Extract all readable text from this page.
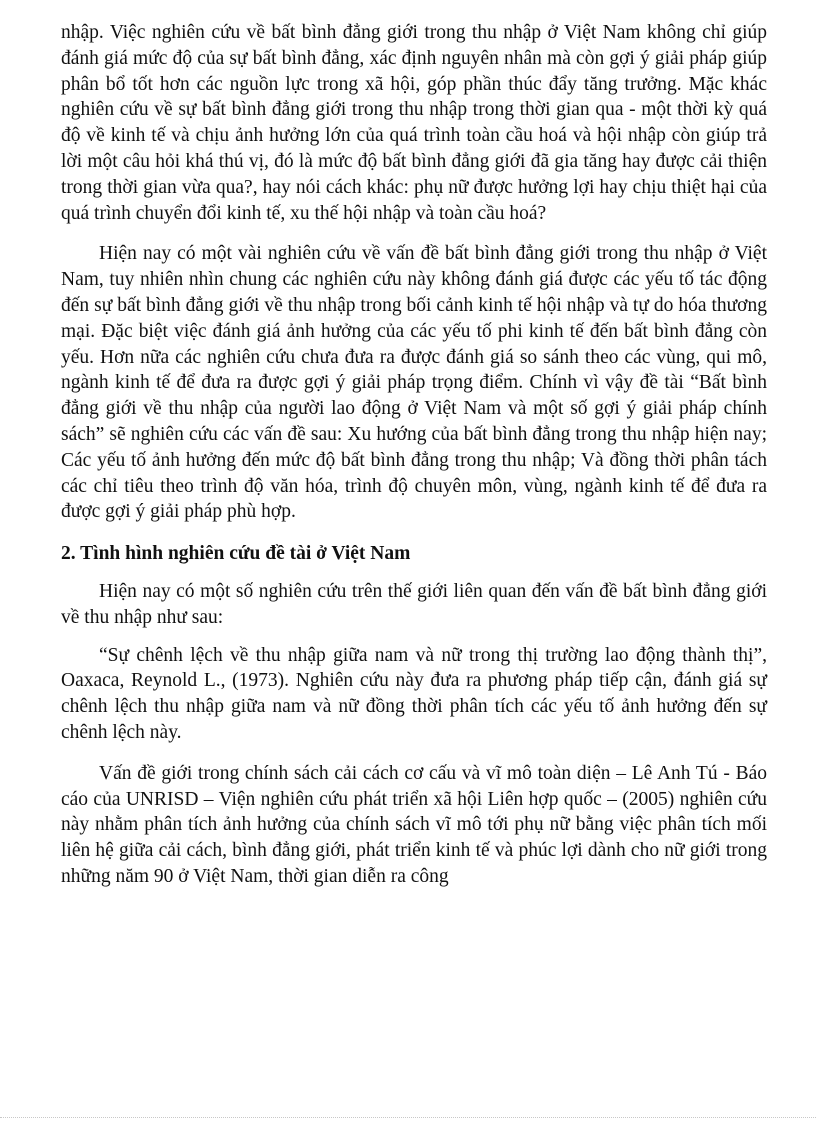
nhập. Việc nghiên cứu về bất bình đẳng giới trong thu nhập ở Việt Nam không chỉ giúp đánh giá mức độ của sự bất bình đẳng, xác định nguyên nhân mà còn gợi ý giải pháp giúp phân bổ tốt hơn các nguồn lực trong xã hội, góp phần thúc đẩy tăng trưởng. Mặc khác nghiên cứu về sự bất bình đẳng giới trong thu nhập trong thời gian qua - một thời kỳ quá độ về kinh tế và chịu ảnh hưởng lớn của quá trình toàn cầu hoá và hội nhập còn giúp trả lời một câu hỏi khá thú vị, đó là mức độ bất bình đẳng giới đã gia tăng hay được cải thiện trong thời gian vừa qua?, hay nói cách khác: phụ nữ được hưởng lợi hay chịu thiệt hại của quá trình chuyển đổi kinh tế, xu thế hội nhập và toàn cầu hoá?

Hiện nay có một vài nghiên cứu về vấn đề bất bình đẳng giới trong thu nhập ở Việt Nam, tuy nhiên nhìn chung các nghiên cứu này không đánh giá được các yếu tố tác động đến sự bất bình đẳng giới về thu nhập trong bối cảnh kinh tế hội nhập và tự do hóa thương mại. Đặc biệt việc đánh giá ảnh hưởng của các yếu tố phi kinh tế đến bất bình đẳng còn yếu. Hơn nữa các nghiên cứu chưa đưa ra được đánh giá so sánh theo các vùng, qui mô, ngành kinh tế để đưa ra được gợi ý giải pháp trọng điểm. Chính vì vậy đề tài “Bất bình đẳng giới về thu nhập của người lao động ở Việt Nam và một số gợi ý giải pháp chính sách” sẽ nghiên cứu các vấn đề sau: Xu hướng của bất bình đẳng trong thu nhập hiện nay; Các yếu tố ảnh hưởng đến mức độ bất bình đẳng trong thu nhập; Và đồng thời phân tách các chỉ tiêu theo trình độ văn hóa, trình độ chuyên môn, vùng, ngành kinh tế để đưa ra được gợi ý giải pháp phù hợp.

2. Tình hình nghiên cứu đề tài ở Việt Nam

Hiện nay có một số nghiên cứu trên thế giới liên quan đến vấn đề bất bình đẳng giới về thu nhập như sau:

“Sự chênh lệch về thu nhập giữa nam và nữ trong thị trường lao động thành thị”, Oaxaca, Reynold L., (1973). Nghiên cứu này đưa ra phương pháp tiếp cận, đánh giá sự chênh lệch thu nhập giữa nam và nữ đồng thời phân tích các yếu tố ảnh hưởng đến sự chênh lệch này.

Vấn đề giới trong chính sách cải cách cơ cấu và vĩ mô toàn diện – Lê Anh Tú - Báo cáo của UNRISD – Viện nghiên cứu phát triển xã hội Liên hợp quốc – (2005) nghiên cứu này nhằm phân tích ảnh hưởng của chính sách vĩ mô tới phụ nữ bằng việc phân tích mối liên hệ giữa cải cách, bình đẳng giới, phát triển kinh tế và phúc lợi dành cho nữ giới trong những năm 90 ở Việt Nam, thời gian diễn ra công
